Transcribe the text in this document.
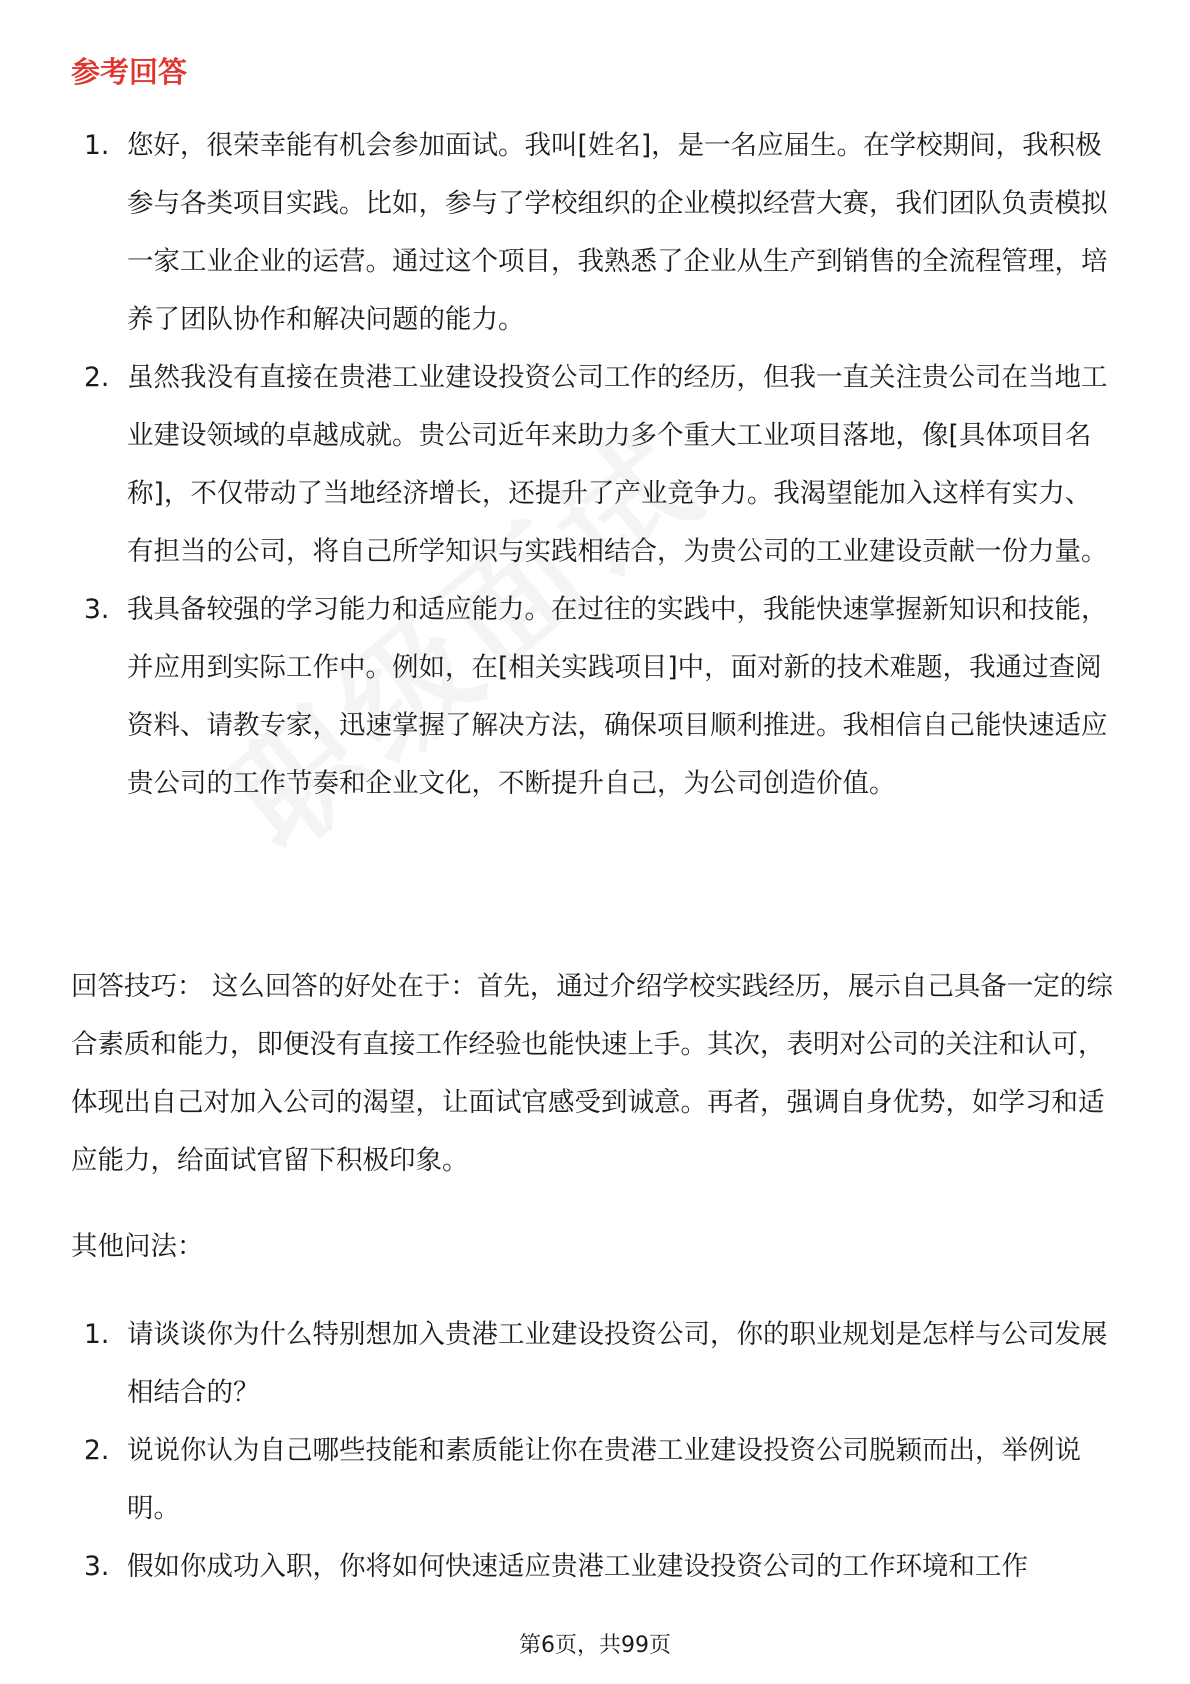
参考回答
1. 您好，很荣幸能有机会参加面试。我叫[姓名]，是一名应届生。在学校期间，我积极参与各类项目实践。比如，参与了学校组织的企业模拟经营大赛，我们团队负责模拟一家工业企业的运营。通过这个项目，我熟悉了企业从生产到销售的全流程管理，培养了团队协作和解决问题的能力。
2. 虽然我没有直接在贵港工业建设投资公司工作的经历，但我一直关注贵公司在当地工业建设领域的卓越成就。贵公司近年来助力多个重大工业项目落地，像[具体项目名称]，不仅带动了当地经济增长，还提升了产业竞争力。我渴望能加入这样有实力、有担当的公司，将自己所学知识与实践相结合，为贵公司的工业建设贡献一份力量。
3. 我具备较强的学习能力和适应能力。在过往的实践中，我能快速掌握新知识和技能，并应用到实际工作中。例如，在[相关实践项目]中，面对新的技术难题，我通过查阅资料、请教专家，迅速掌握了解决方法，确保项目顺利推进。我相信自己能快速适应贵公司的工作节奏和企业文化，不断提升自己，为公司创造价值。

回答技巧： 这么回答的好处在于：首先，通过介绍学校实践经历，展示自己具备一定的综合素质和能力，即便没有直接工作经验也能快速上手。其次，表明对公司的关注和认可，体现出自己对加入公司的渴望，让面试官感受到诚意。再者，强调自身优势，如学习和适应能力，给面试官留下积极印象。

其他问法：

1. 请谈谈你为什么特别想加入贵港工业建设投资公司，你的职业规划是怎样与公司发展相结合的？
2. 说说你认为自己哪些技能和素质能让你在贵港工业建设投资公司脱颖而出，举例说明。
3. 假如你成功入职，你将如何快速适应贵港工业建设投资公司的工作环境和工作
第6页，共99页
